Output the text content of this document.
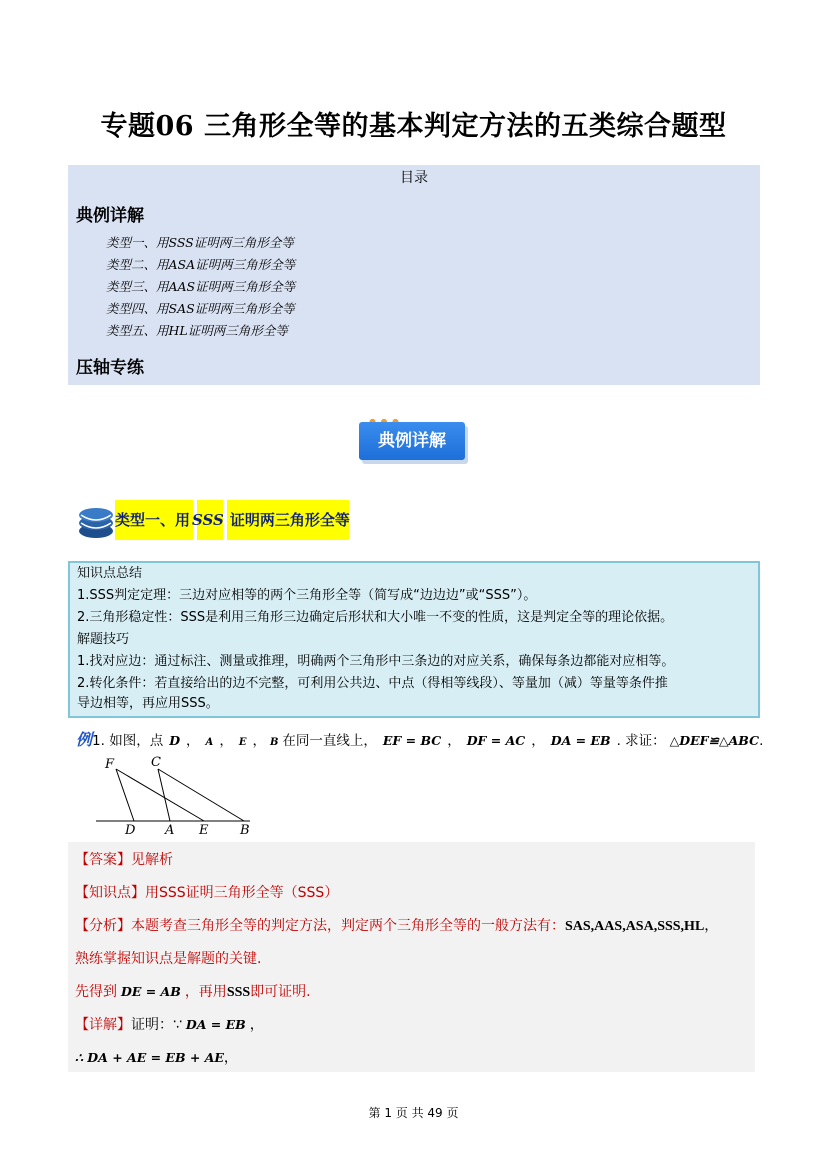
专题06 三角形全等的基本判定方法的五类综合题型
目录
典例详解
类型一、用SSS证明两三角形全等
类型二、用ASA证明两三角形全等
类型三、用AAS证明两三角形全等
类型四、用SAS证明两三角形全等
类型五、用HL证明两三角形全等
压轴专练
典例详解
类型一、用 SSS 证明两三角形全等
知识点总结
1.SSS判定定理：三边对应相等的两个三角形全等（简写成“边边边”或“SSS”）。
2.三角形稳定性：SSS是利用三角形三边确定后形状和大小唯一不变的性质，这是判定全等的理论依据。
解题技巧
1.找对应边：通过标注、测量或推理，明确两个三角形中三条边的对应关系，确保每条边都能对应相等。
2.转化条件：若直接给出的边不完整，可利用公共边、中点（得相等线段）、等量加（减）等量等条件推
导边相等，再应用SSS。
例1. 如图，点 D ， A ， E ， B 在同一直线上， EF = BC ， DF = AC ， DA = EB . 求证： △DEF≌△ABC.
F	C
D A E B
【答案】见解析
【知识点】用SSS证明三角形全等（SSS）
【分析】本题考查三角形全等的判定方法，判定两个三角形全等的一般方法有：SAS,AAS,ASA,SSS,HL，
熟练掌握知识点是解题的关键.
先得到 DE = AB ，再用SSS即可证明.
【详解】证明：∵ DA = EB ，
∴ DA + AE = EB + AE，
第 1 页 共 49 页
